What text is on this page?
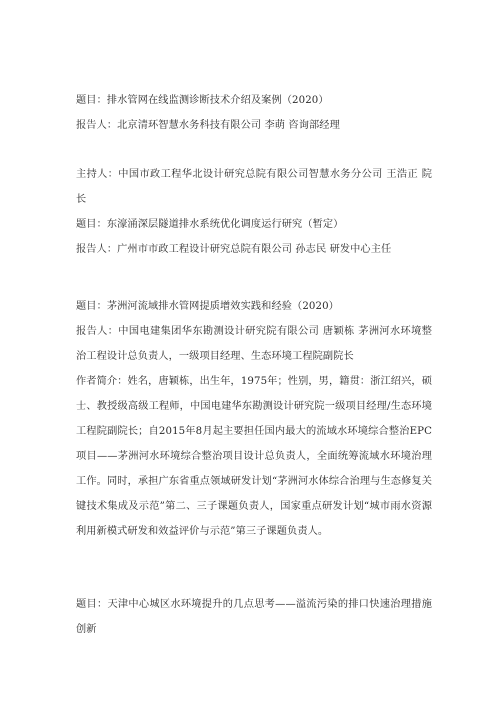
题目：排水管网在线监测诊断技术介绍及案例（2020）
报告人：北京清环智慧水务科技有限公司 李萌 咨询部经理
主持人：中国市政工程华北设计研究总院有限公司智慧水务分公司 王浩正 院长
题目：东濠涌深层隧道排水系统优化调度运行研究（暂定）
报告人：广州市市政工程设计研究总院有限公司 孙志民 研发中心主任
题目：茅洲河流域排水管网提质增效实践和经验（2020）
报告人：中国电建集团华东勘测设计研究院有限公司 唐颖栋 茅洲河水环境整治工程设计总负责人，一级项目经理、生态环境工程院副院长
作者简介：姓名，唐颖栋，出生年，1975年；性别，男，籍贯：浙江绍兴，硕士、教授级高级工程师，中国电建华东勘测设计研究院一级项目经理/生态环境工程院副院长；自2015年8月起主要担任国内最大的流域水环境综合整治EPC项目——茅洲河水环境综合整治项目设计总负责人，全面统筹流域水环境治理工作。同时，承担广东省重点领域研发计划“茅洲河水体综合治理与生态修复关键技术集成及示范”第二、三子课题负责人，国家重点研发计划“城市雨水资源利用新模式研发和效益评价与示范”第三子课题负责人。
题目：天津中心城区水环境提升的几点思考——溢流污染的排口快速治理措施创新
